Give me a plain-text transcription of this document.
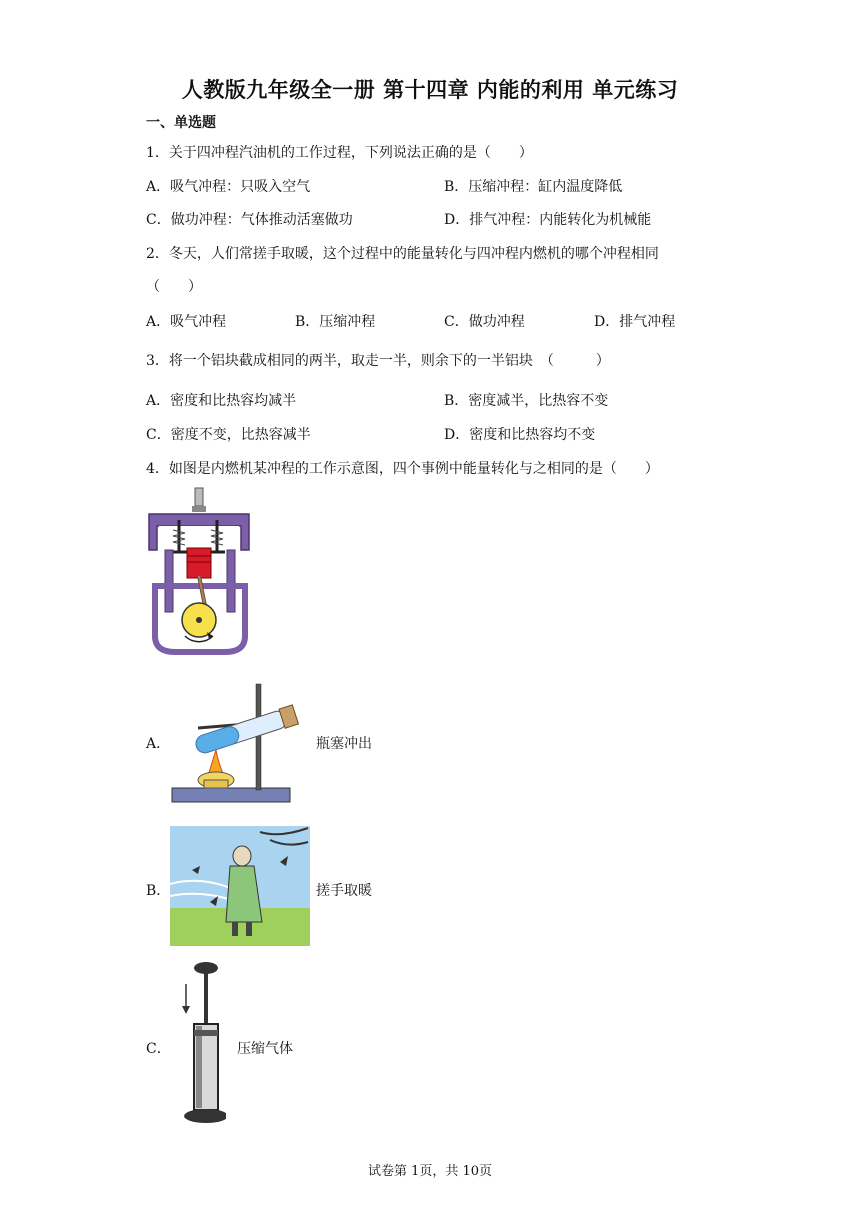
人教版九年级全一册 第十四章 内能的利用 单元练习
一、单选题
1．关于四冲程汽油机的工作过程，下列说法正确的是（　　）
A．吸气冲程：只吸入空气	B．压缩冲程：缸内温度降低
C．做功冲程：气体推动活塞做功	D．排气冲程：内能转化为机械能
2．冬天，人们常搓手取暖，这个过程中的能量转化与四冲程内燃机的哪个冲程相同
（　　）
A．吸气冲程	B．压缩冲程	C．做功冲程	D．排气冲程
3．将一个铝块截成相同的两半，取走一半，则余下的一半铝块　（　　　）
A．密度和比热容均减半	B．密度减半，比热容不变
C．密度不变，比热容减半	D．密度和比热容均不变
4．如图是内燃机某冲程的工作示意图，四个事例中能量转化与之相同的是（　　）
A．	瓶塞冲出
B．	搓手取暖
C．	压缩气体
试卷第 1页，共 10页
